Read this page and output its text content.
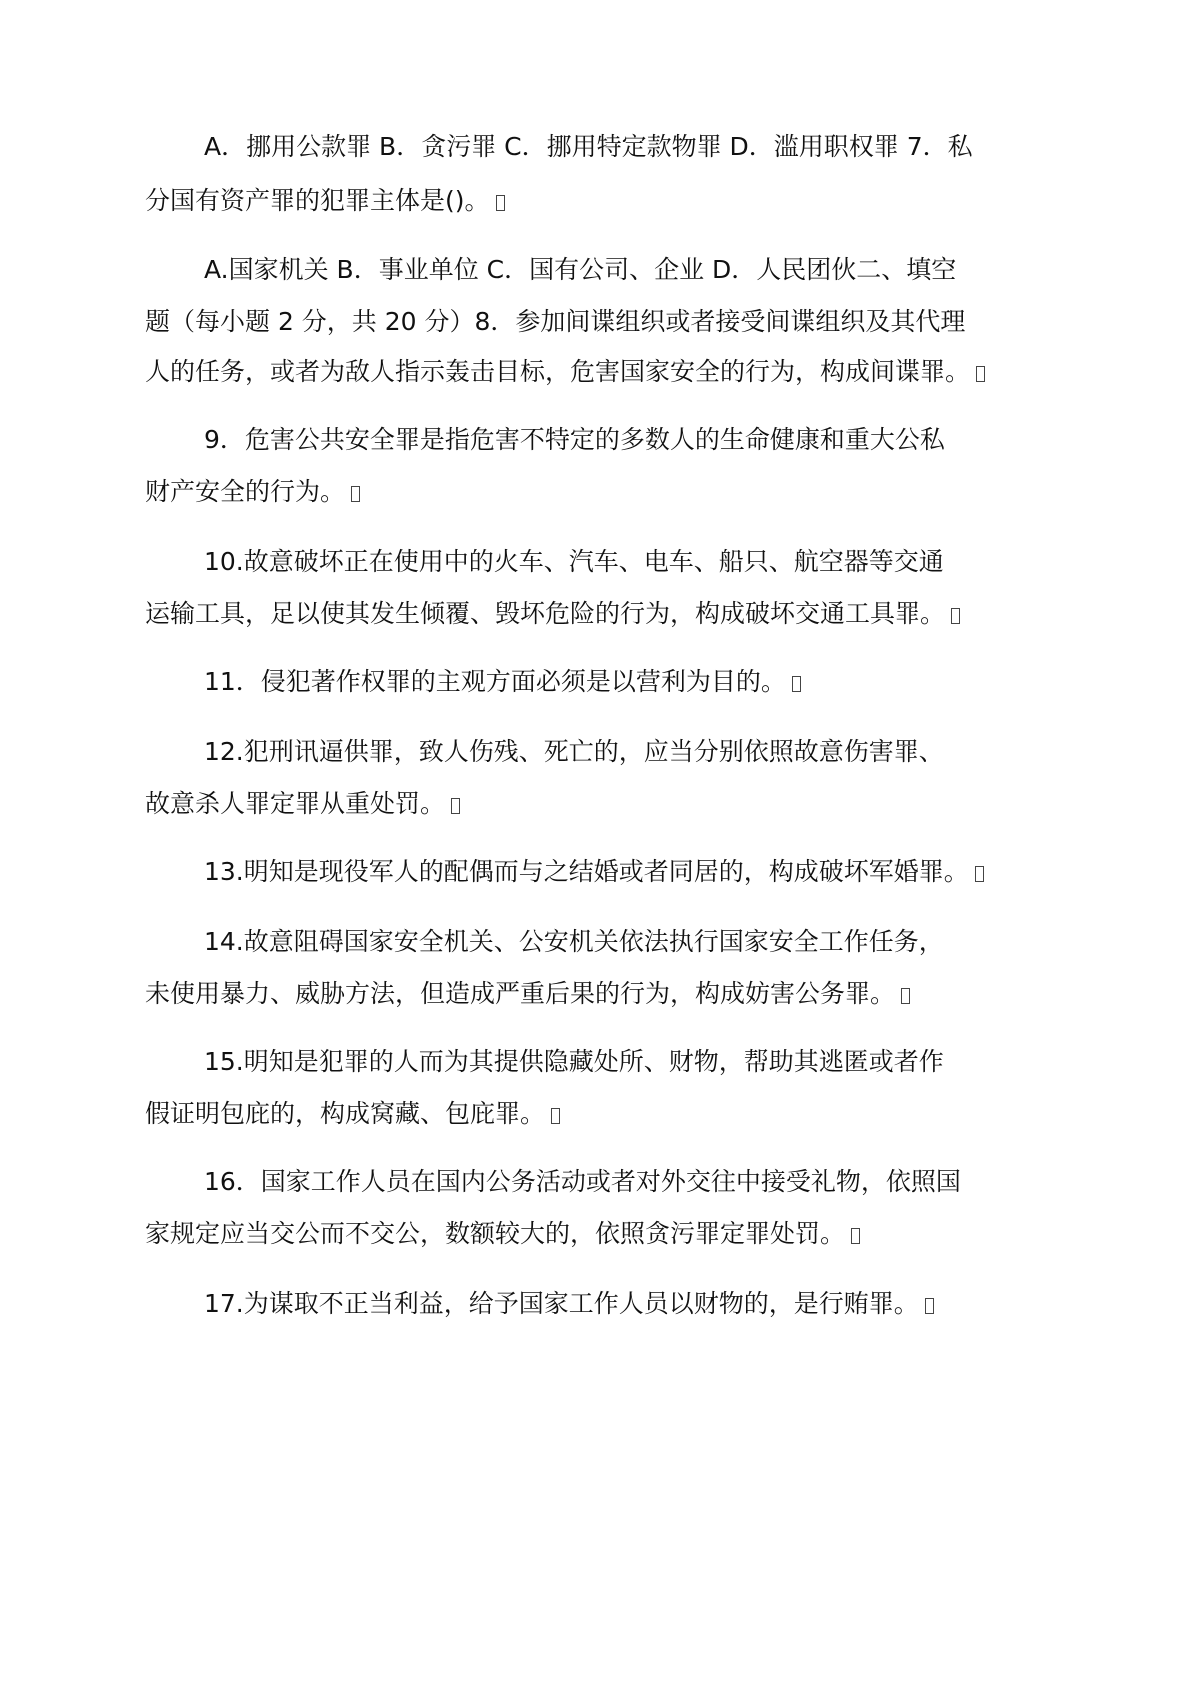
A．挪用公款罪 B．贪污罪 C．挪用特定款物罪 D．滥用职权罪 7．私
分国有资产罪的犯罪主体是()。
A.国家机关 B．事业单位 C．国有公司、企业 D．人民团伙二、填空
题（每小题 2 分，共 20 分）8．参加间谍组织或者接受间谍组织及其代理
人的任务，或者为敌人指示轰击目标，危害国家安全的行为，构成间谍罪。
9．危害公共安全罪是指危害不特定的多数人的生命健康和重大公私
财产安全的行为。
10.故意破坏正在使用中的火车、汽车、电车、船只、航空器等交通
运输工具，足以使其发生倾覆、毁坏危险的行为，构成破坏交通工具罪。
11．侵犯著作权罪的主观方面必须是以营利为目的。
12.犯刑讯逼供罪，致人伤残、死亡的，应当分别依照故意伤害罪、
故意杀人罪定罪从重处罚。
13.明知是现役军人的配偶而与之结婚或者同居的，构成破坏军婚罪。
14.故意阻碍国家安全机关、公安机关依法执行国家安全工作任务，
未使用暴力、威胁方法，但造成严重后果的行为，构成妨害公务罪。
15.明知是犯罪的人而为其提供隐藏处所、财物，帮助其逃匿或者作
假证明包庇的，构成窝藏、包庇罪。
16．国家工作人员在国内公务活动或者对外交往中接受礼物，依照国
家规定应当交公而不交公，数额较大的，依照贪污罪定罪处罚。
17.为谋取不正当利益，给予国家工作人员以财物的，是行贿罪。
